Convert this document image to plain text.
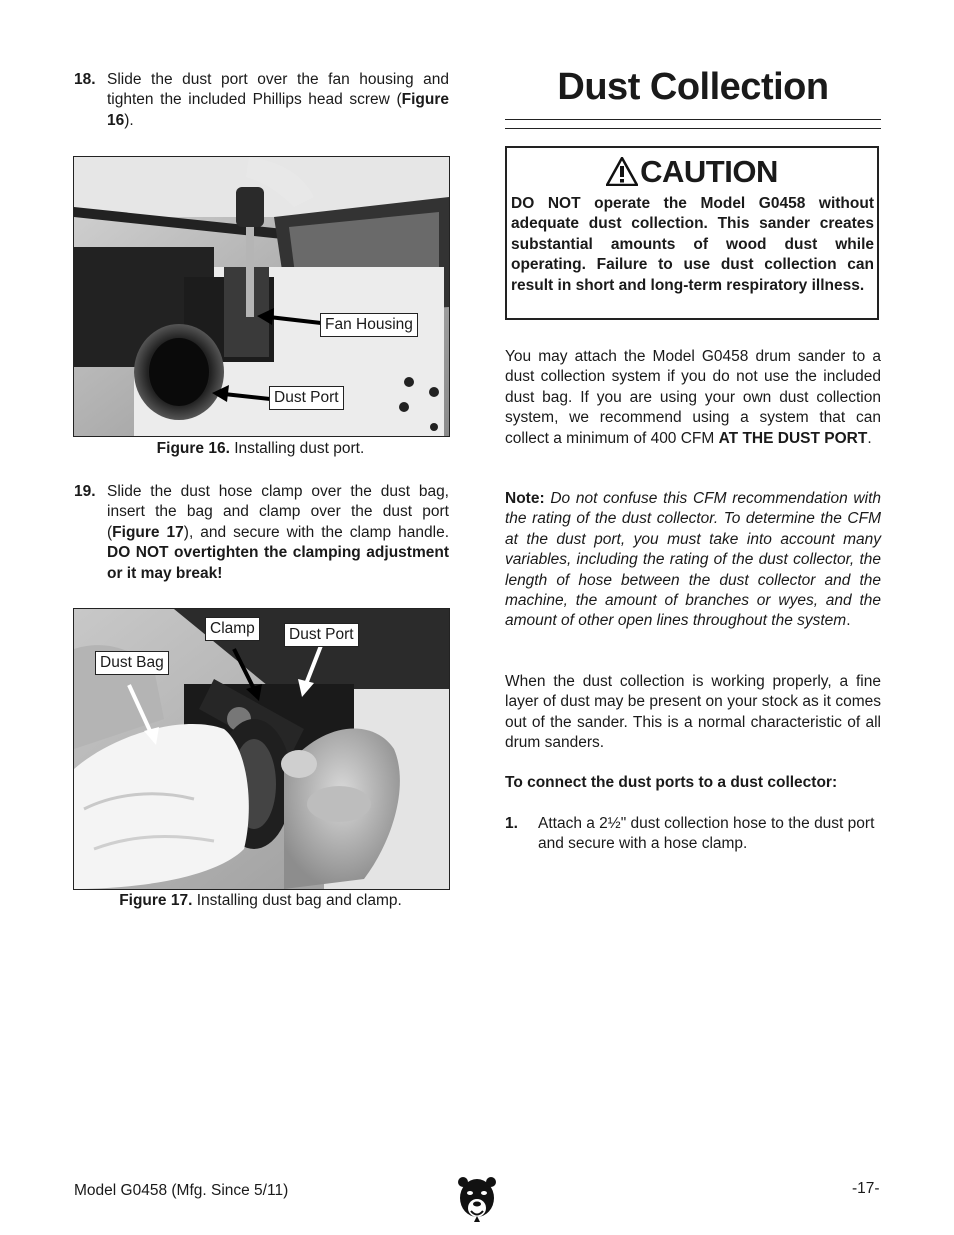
18. Slide the dust port over the fan housing and tighten the included Phillips head screw (Figure 16).
Fan Housing
Dust Port
Figure 16. Installing dust port.
19. Slide the dust hose clamp over the dust bag, insert the bag and clamp over the dust port (Figure 17), and secure with the clamp handle. DO NOT overtighten the clamping adjustment or it may break!
Clamp	Dust Port
Dust Bag
Figure 17. Installing dust bag and clamp.
Dust Collection
CAUTION
DO NOT operate the Model G0458 without adequate dust collection. This sander creates substantial amounts of wood dust while operating. Failure to use dust collection can result in short and long-term respiratory illness.
You may attach the Model G0458 drum sander to a dust collection system if you do not use the included dust bag. If you are using your own dust collection system, we recommend using a system that can collect a minimum of 400 CFM AT THE DUST PORT.
Note: Do not confuse this CFM recommendation with the rating of the dust collector. To determine the CFM at the dust port, you must take into account many variables, including the rating of the dust collector, the length of hose between the dust collector and the machine, the amount of branches or wyes, and the amount of other open lines throughout the system.
When the dust collection is working properly, a fine layer of dust may be present on your stock as it comes out of the sander. This is a normal characteristic of all drum sanders.
To connect the dust ports to a dust collector:
1. Attach a 2½" dust collection hose to the dust port and secure with a hose clamp.
Model G0458 (Mfg. Since 5/11)	-17-
